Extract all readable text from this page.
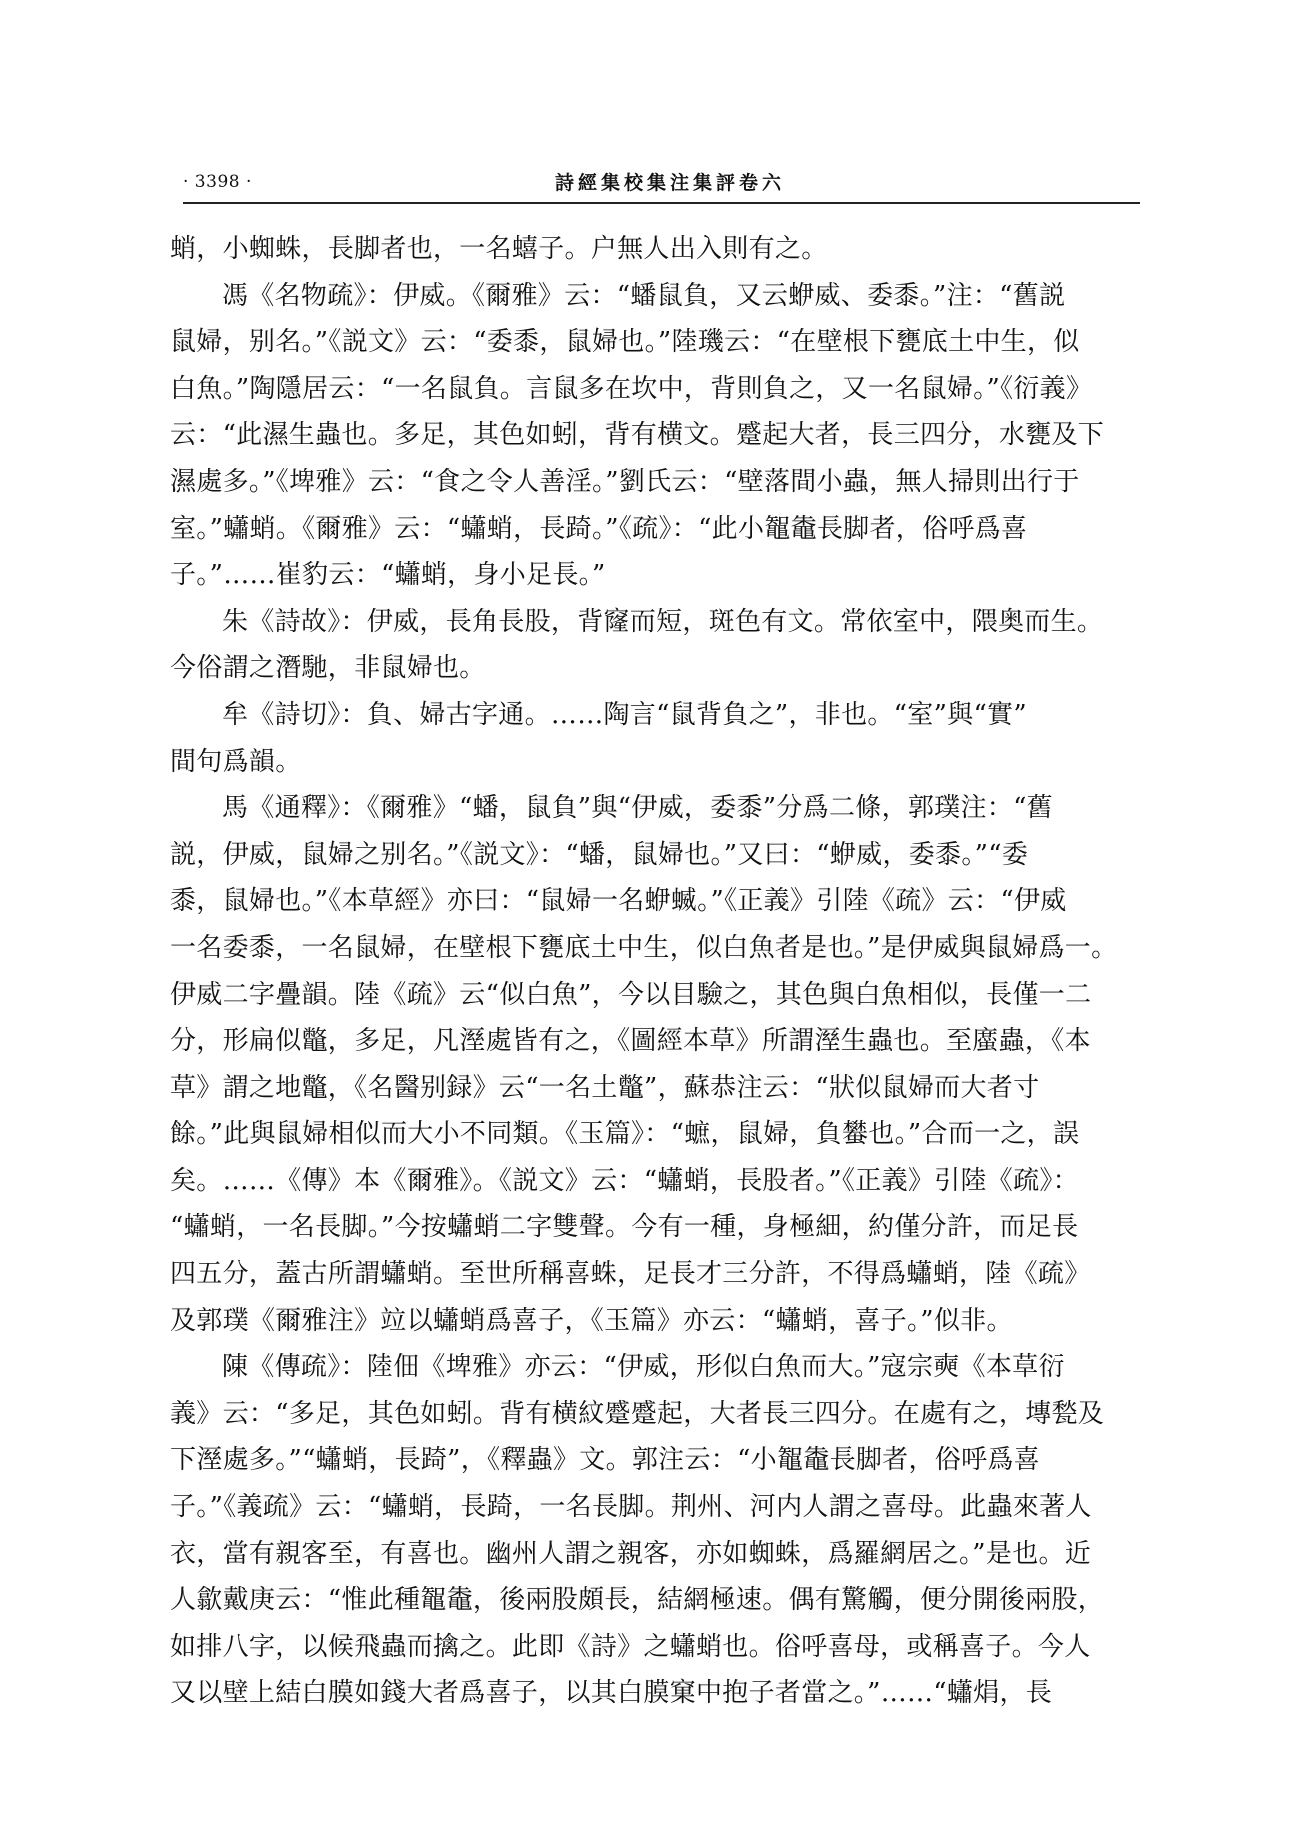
· 3398 ·	詩經集校集注集評卷六
蛸，小蜘蛛，長脚者也，一名蟢子。户無人出入則有之。
馮《名物疏》：伊威。《爾雅》云：“蟠鼠負，又云蛜威、委黍。”注：“舊説
鼠婦，别名。”《説文》云：“委黍，鼠婦也。”陸璣云：“在壁根下甕底土中生，似
白魚。”陶隱居云：“一名鼠負。言鼠多在坎中，背則負之，又一名鼠婦。”《衍義》
云：“此濕生蟲也。多足，其色如蚓，背有横文。蹙起大者，長三四分，水甕及下
濕處多。”《埤雅》云：“食之令人善淫。”劉氏云：“壁落間小蟲，無人掃則出行于
室。”蠨蛸。《爾雅》云：“蠨蛸，長踦。”《疏》：“此小鼅鼄長脚者，俗呼爲喜
子。”……崔豹云：“蠨蛸，身小足長。”
朱《詩故》：伊威，長角長股，背窿而短，斑色有文。常依室中，隈奥而生。
今俗謂之潛馳，非鼠婦也。
牟《詩切》：負、婦古字通。……陶言“鼠背負之”，非也。“室”與“實”
間句爲韻。
馬《通釋》：《爾雅》“蟠，鼠負”與“伊威，委黍”分爲二條，郭璞注：“舊
説，伊威，鼠婦之别名。”《説文》：“蟠，鼠婦也。”又曰：“蛜威，委黍。”“委
黍，鼠婦也。”《本草經》亦曰：“鼠婦一名蛜蝛。”《正義》引陸《疏》云：“伊威
一名委黍，一名鼠婦，在壁根下甕底土中生，似白魚者是也。”是伊威與鼠婦爲一。
伊威二字疊韻。陸《疏》云“似白魚”，今以目驗之，其色與白魚相似，長僅一二
分，形扁似鼈，多足，凡溼處皆有之，《圖經本草》所謂溼生蟲也。至䗪蟲，《本
草》謂之地鼈，《名醫别録》云“一名土鼈”，蘇恭注云：“狀似鼠婦而大者寸
餘。”此與鼠婦相似而大小不同類。《玉篇》：“蟅，鼠婦，負蠜也。”合而一之，誤
矣。……《傳》本《爾雅》。《説文》云：“蠨蛸，長股者。”《正義》引陸《疏》：
“蠨蛸，一名長脚。”今按蠨蛸二字雙聲。今有一種，身極細，約僅分許，而足長
四五分，蓋古所謂蠨蛸。至世所稱喜蛛，足長才三分許，不得爲蠨蛸，陸《疏》
及郭璞《爾雅注》竝以蠨蛸爲喜子，《玉篇》亦云：“蠨蛸，喜子。”似非。
陳《傳疏》：陸佃《埤雅》亦云：“伊威，形似白魚而大。”寇宗奭《本草衍
義》云：“多足，其色如蚓。背有横紋蹙蹙起，大者長三四分。在處有之，塼甃及
下溼處多。”“蠨蛸，長踦”，《釋蟲》文。郭注云：“小鼅鼄長脚者，俗呼爲喜
子。”《義疏》云：“蠨蛸，長踦，一名長脚。荆州、河内人謂之喜母。此蟲來著人
衣，當有親客至，有喜也。幽州人謂之親客，亦如蜘蛛，爲羅網居之。”是也。近
人歙戴庚云：“惟此種鼅鼄，後兩股頗長，結網極速。偶有驚觸，便分開後兩股，
如排八字，以候飛蟲而擒之。此即《詩》之蠨蛸也。俗呼喜母，或稱喜子。今人
又以壁上結白膜如錢大者爲喜子，以其白膜窠中抱子者當之。”……“蠨焆，長
